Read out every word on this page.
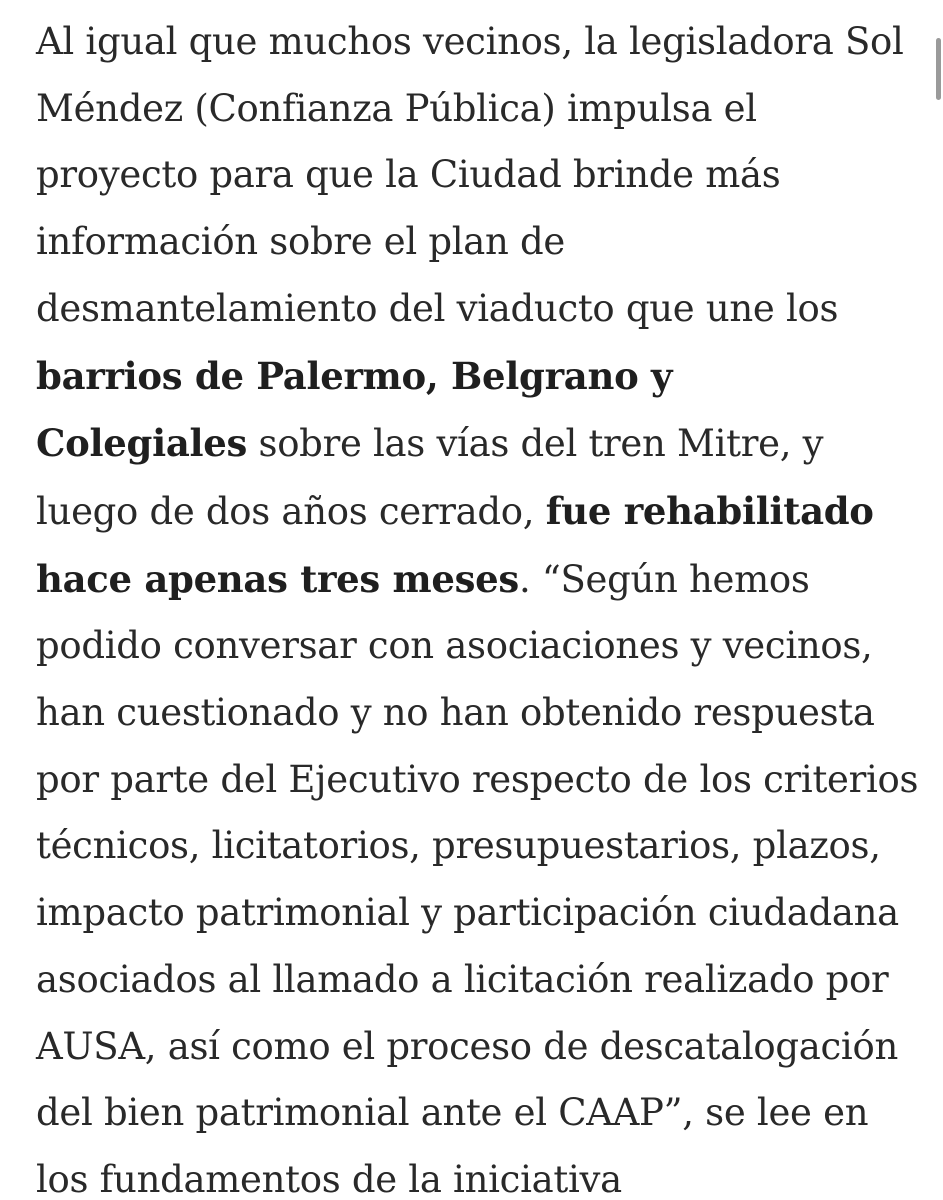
Al igual que muchos vecinos, la legisladora Sol
Méndez (Confianza Pública) impulsa el
proyecto para que la Ciudad brinde más
información sobre el plan de
desmantelamiento del viaducto que une los
barrios de Palermo, Belgrano y
Colegiales sobre las vías del tren Mitre, y
luego de dos años cerrado, fue rehabilitado
hace apenas tres meses. “Según hemos
podido conversar con asociaciones y vecinos,
han cuestionado y no han obtenido respuesta
por parte del Ejecutivo respecto de los criterios
técnicos, licitatorios, presupuestarios, plazos,
impacto patrimonial y participación ciudadana
asociados al llamado a licitación realizado por
AUSA, así como el proceso de descatalogación
del bien patrimonial ante el CAAP”, se lee en
los fundamentos de la iniciativa
